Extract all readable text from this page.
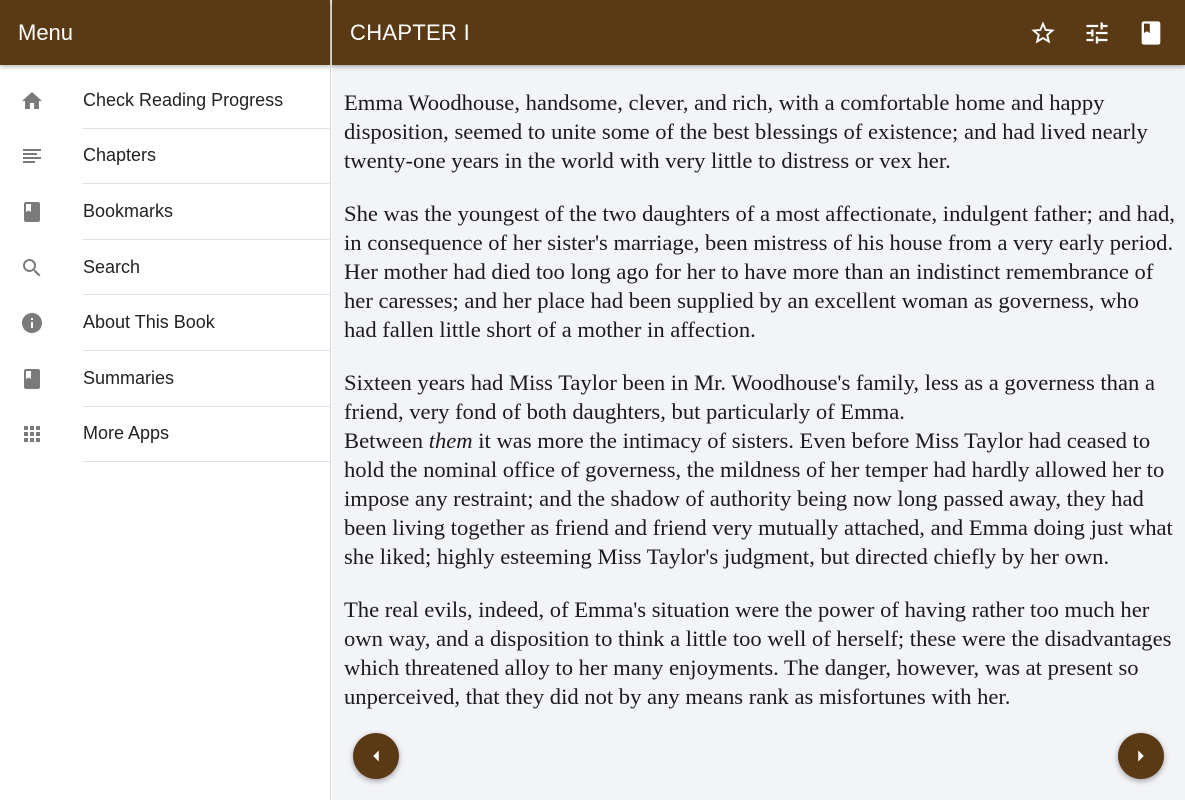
Menu
Check Reading Progress
Chapters
Bookmarks
Search
About This Book
Summaries
More Apps
CHAPTER I

Emma Woodhouse, handsome, clever, and rich, with a comfortable home and happy disposition, seemed to unite some of the best blessings of existence; and had lived nearly twenty-one years in the world with very little to distress or vex her.

She was the youngest of the two daughters of a most affectionate, indulgent father; and had, in consequence of her sister's marriage, been mistress of his house from a very early period. Her mother had died too long ago for her to have more than an indistinct remembrance of her caresses; and her place had been supplied by an excellent woman as governess, who had fallen little short of a mother in affection.

Sixteen years had Miss Taylor been in Mr. Woodhouse's family, less as a governess than a friend, very fond of both daughters, but particularly of Emma.
Between them it was more the intimacy of sisters. Even before Miss Taylor had ceased to hold the nominal office of governess, the mildness of her temper had hardly allowed her to impose any restraint; and the shadow of authority being now long passed away, they had been living together as friend and friend very mutually attached, and Emma doing just what she liked; highly esteeming Miss Taylor's judgment, but directed chiefly by her own.

The real evils, indeed, of Emma's situation were the power of having rather too much her own way, and a disposition to think a little too well of herself; these were the disadvantages which threatened alloy to her many enjoyments. The danger, however, was at present so unperceived, that they did not by any means rank as misfortunes with her.
